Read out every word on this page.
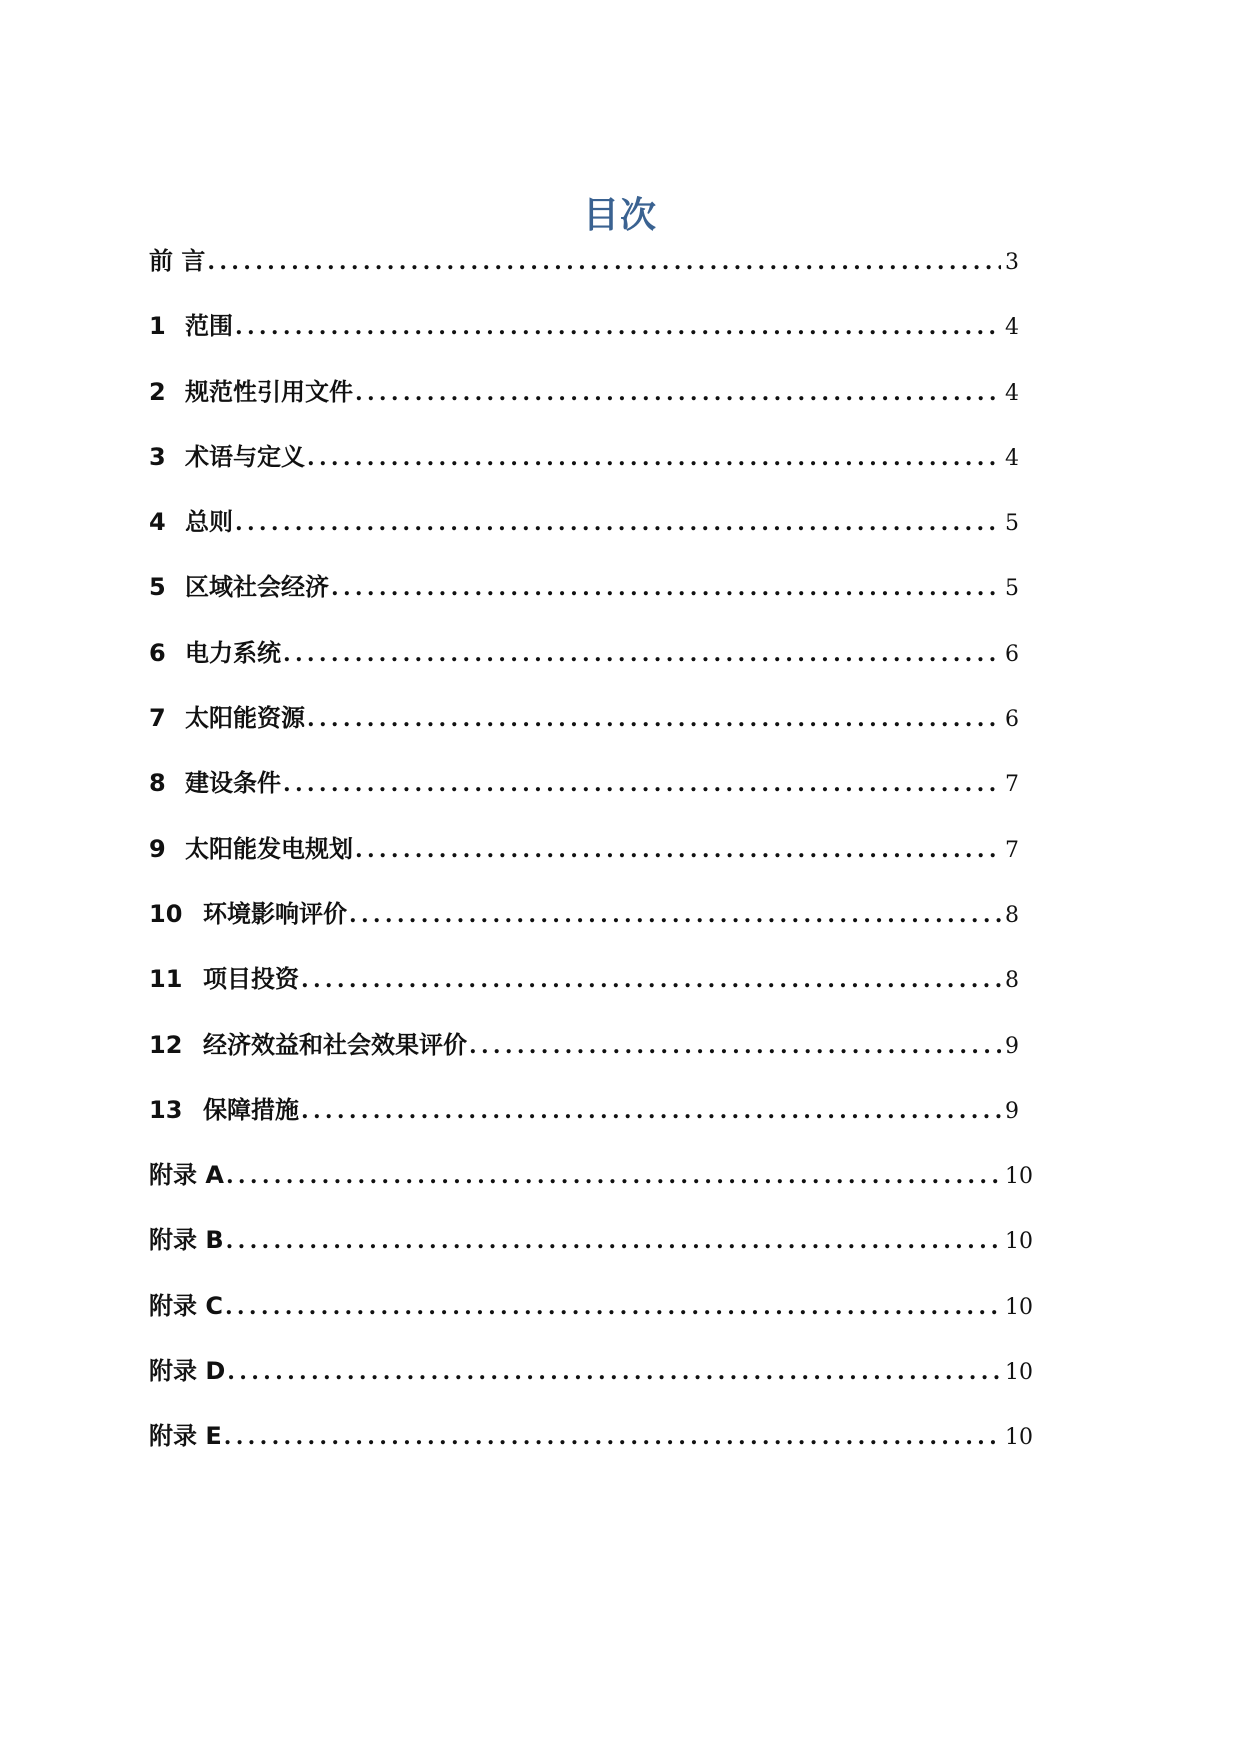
目次
前 言 .....	3
1 范围 .....	4
2 规范性引用文件 .....	4
3 术语与定义 .....	4
4 总则 .....	5
5 区域社会经济 .....	5
6 电力系统 .....	6
7 太阳能资源 .....	6
8 建设条件 .....	7
9 太阳能发电规划 .....	7
10 环境影响评价 .....	8
11 项目投资 .....	8
12 经济效益和社会效果评价 .....	9
13 保障措施 .....	9
附录 A .....	10
附录 B .....	10
附录 C .....	10
附录 D .....	10
附录 E .....	10
